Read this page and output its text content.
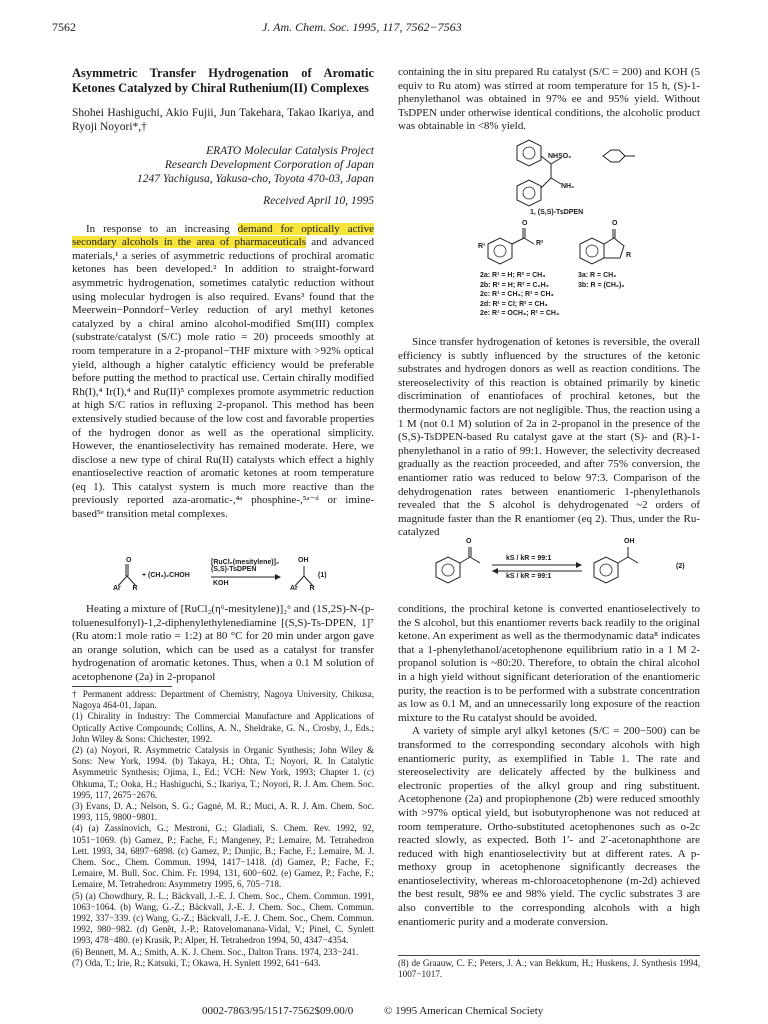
7562	J. Am. Chem. Soc. 1995, 117, 7562−7563
Asymmetric Transfer Hydrogenation of Aromatic Ketones Catalyzed by Chiral Ruthenium(II) Complexes
Shohei Hashiguchi, Akio Fujii, Jun Takehara, Takao Ikariya, and Ryoji Noyori*,†
ERATO Molecular Catalysis Project
Research Development Corporation of Japan
1247 Yachigusa, Yakusa-cho, Toyota 470-03, Japan
Received April 10, 1995

In response to an increasing demand for optically active secondary alcohols in the area of pharmaceuticals and advanced materials,¹ a series of asymmetric reductions of prochiral aromatic ketones has been developed.² In addition to straight-forward asymmetric hydrogenation, sometimes catalytic reduction without using molecular hydrogen is also required. Evans³ found that the Meerwein−Ponndorf−Verley reduction of aryl methyl ketones catalyzed by a chiral amino alcohol-modified Sm(III) complex (substrate/catalyst (S/C) mole ratio = 20) proceeds smoothly at room temperature in a 2-propanol−THF mixture with >92% optical yield, although a higher catalytic efficiency would be preferable before putting the method to practical use. Certain chirally modified Rh(I),⁴ Ir(I),⁴ and Ru(II)⁵ complexes promote asymmetric reduction at high S/C ratios in refluxing 2-propanol. This method has been extensively studied because of the low cost and favorable properties of the hydrogen donor as well as the operational simplicity. However, the enantioselectivity has remained moderate. Here, we disclose a new type of chiral Ru(II) catalysts which effect a highly enantioselective reaction of aromatic ketones at room temperature (eq 1). This catalyst system is much more reactive than the previously reported aza-aromatic-,⁴ᵃ phosphine-,⁵ᵃ⁻ᵈ or imine-based⁵ᵉ transition metal complexes.

O
Ar      R
+ (CH₃)₂CHOH
[RuCl₂(mesitylene)]₂
(S,S)-TsDPEN
KOH
OH
Ar      R
(1)

Heating a mixture of [RuCl₂(η⁶-mesitylene)]₂⁶ and (1S,2S)-N-(p-toluenesulfonyl)-1,2-diphenylethylenediamine [(S,S)-Ts-DPEN, 1]⁷ (Ru atom:1 mole ratio = 1:2) at 80 °C for 20 min under argon gave an orange solution, which can be used as a catalyst for transfer hydrogenation of aromatic ketones. Thus, when a 0.1 M solution of acetophenone (2a) in 2-propanol

† Permanent address: Department of Chemistry, Nagoya University, Chikusa, Nagoya 464-01, Japan.

(1) Chirality in Industry: The Commercial Manufacture and Applications of Optically Active Compounds; Collins, A. N., Sheldrake, G. N., Crosby, J., Eds.; John Wiley & Sons: Chichester, 1992.

(2) (a) Noyori, R. Asymmetric Catalysis in Organic Synthesis; John Wiley & Sons: New York, 1994. (b) Takaya, H.; Ohta, T.; Noyori, R. In Catalytic Asymmetric Synthesis; Ojima, I., Ed.; VCH: New York, 1993; Chapter 1. (c) Ohkuma, T.; Ooka, H.; Hashiguchi, S.; Ikariya, T.; Noyori, R. J. Am. Chem. Soc. 1995, 117, 2675−2676.

(3) Evans, D. A.; Nelson, S. G.; Gagné, M. R.; Muci, A. R. J. Am. Chem. Soc. 1993, 115, 9800−9801.

(4) (a) Zassinovich, G.; Mestroni, G.; Gladiali, S. Chem. Rev. 1992, 92, 1051−1069. (b) Gamez, P.; Fache, F.; Mangeney, P.; Lemaire, M. Tetrahedron Lett. 1993, 34, 6897−6898. (c) Gamez, P.; Dunjic, B.; Fache, F.; Lemaire, M. J. Chem. Soc., Chem. Commun. 1994, 1417−1418. (d) Gamez, P.; Fache, F.; Lemaire, M. Bull. Soc. Chim. Fr. 1994, 131, 600−602. (e) Gamez, P.; Fache, F.; Lemaire, M. Tetrahedron: Asymmetry 1995, 6, 705−718.

(5) (a) Chowdhury, R. L.; Bäckvall, J.-E. J. Chem. Soc., Chem. Commun. 1991, 1063−1064. (b) Wang, G.-Z.; Bäckvall, J.-E. J. Chem. Soc., Chem. Commun. 1992, 337−339. (c) Wang, G.-Z.; Bäckvall, J.-E. J. Chem. Soc., Chem. Commun. 1992, 980−982. (d) Genêt, J.-P.; Ratovelomanana-Vidal, V.; Pinel, C. Synlett 1993, 478−480. (e) Krasik, P.; Alper, H. Tetrahedron 1994, 50, 4347−4354.

(6) Bennett, M. A.; Smith, A. K. J. Chem. Soc., Dalton Trans. 1974, 233−241.

(7) Oda, T.; Irie, R.; Katsuki, T.; Okawa, H. Synlett 1992, 641−643.

containing the in situ prepared Ru catalyst (S/C = 200) and KOH (5 equiv to Ru atom) was stirred at room temperature for 15 h, (S)-1-phenylethanol was obtained in 97% ee and 95% yield. Without TsDPEN under otherwise identical conditions, the alcoholic product was obtainable in <8% yield.

NHSO₂
NH₂
1, (S,S)-TsDPEN
R¹	R²
O	O
R
2a: R¹ = H; R² = CH₃
2b: R¹ = H; R² = C₂H₅
2c: R¹ = CH₃; R² = CH₃
2d: R¹ = Cl; R² = CH₃
2e: R¹ = OCH₃; R² = CH₃
3a: R = CH₂
3b: R = (CH₂)₂

Since transfer hydrogenation of ketones is reversible, the overall efficiency is subtly influenced by the structures of the ketonic substrates and hydrogen donors as well as reaction conditions. The stereoselectivity of this reaction is obtained primarily by kinetic discrimination of enantiofaces of prochiral ketones, but the thermodynamic factors are not negligible. Thus, the reaction using a 1 M (not 0.1 M) solution of 2a in 2-propanol in the presence of the (S,S)-TsDPEN-based Ru catalyst gave at the start (S)- and (R)-1-phenylethanol in a ratio of 99:1. However, the selectivity decreased gradually as the reaction proceeded, and after 75% conversion, the enantiomer ratio was reduced to below 97:3. Comparison of the dehydrogenation rates between enantiomeric 1-phenylethanols revealed that the S alcohol is dehydrogenated ~2 orders of magnitude faster than the R enantiomer (eq 2). Thus, under the Ru-catalyzed

O	OH
kS / kR = 99:1
kS / kR = 99:1
(2)

conditions, the prochiral ketone is converted enantioselectively to the S alcohol, but this enantiomer reverts back readily to the original ketone. An experiment as well as the thermodynamic data⁸ indicates that a 1-phenylethanol/acetophenone equilibrium ratio in a 1 M 2-propanol solution is ~80:20. Therefore, to obtain the chiral alcohol in a high yield without significant deterioration of the enantiomeric purity, the reaction is to be performed with a substrate concentration as low as 0.1 M, and an unnecessarily long exposure of the reaction mixture to the Ru catalyst should be avoided.

A variety of simple aryl alkyl ketones (S/C = 200−500) can be transformed to the corresponding secondary alcohols with high enantiomeric purity, as exemplified in Table 1. The rate and stereoselectivity are delicately affected by the bulkiness and electronic properties of the alkyl group and ring substituent. Acetophenone (2a) and propiophenone (2b) were reduced smoothly with >97% optical yield, but isobutyrophenone was not reduced at room temperature. Ortho-substituted acetophenones such as o-2c reacted slowly, as expected. Both 1′- and 2′-acetonaphthone are reduced with high enantioselectivity but at different rates. A p-methoxy group in acetophenone significantly decreases the enantioselectivity, whereas m-chloroacetophenone (m-2d) achieved the best result, 98% ee and 98% yield. The cyclic substrates 3 are also convertible to the corresponding alcohols with a high enantiomeric purity and a moderate conversion.

(8) de Graauw, C. F.; Peters, J. A.; van Bekkum, H.; Huskens, J. Synthesis 1994, 1007−1017.

0002-7863/95/1517-7562$09.00/0	© 1995 American Chemical Society
